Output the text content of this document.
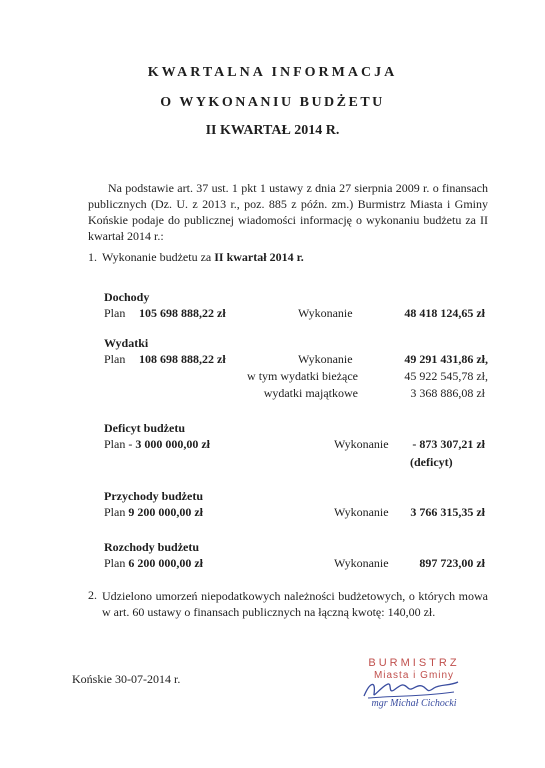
KWARTALNA INFORMACJA
O WYKONANIU BUDŻETU
II KWARTAŁ 2014 R.
Na podstawie art. 37 ust. 1 pkt 1 ustawy z dnia 27 sierpnia 2009 r. o finansach publicznych (Dz. U. z 2013 r., poz. 885 z późn. zm.) Burmistrz Miasta i Gminy Końskie podaje do publicznej wiadomości informację o wykonaniu budżetu za II kwartał 2014 r.:
1. Wykonanie budżetu za II kwartał 2014 r.
Dochody
Plan 105 698 888,22 zł	Wykonanie	48 418 124,65 zł
Wydatki
Plan 108 698 888,22 zł	Wykonanie	49 291 431,86 zł,
w tym wydatki bieżące	45 922 545,78 zł,
wydatki majątkowe	3 368 886,08 zł
Deficyt budżetu
Plan - 3 000 000,00 zł	Wykonanie	- 873 307,21 zł
(deficyt)
Przychody budżetu
Plan 9 200 000,00 zł	Wykonanie	3 766 315,35 zł
Rozchody budżetu
Plan 6 200 000,00 zł	Wykonanie	897 723,00 zł
2. Udzielono umorzeń niepodatkowych należności budżetowych, o których mowa w art. 60 ustawy o finansach publicznych na łączną kwotę: 140,00 zł.
Końskie 30-07-2014 r.
BURMISTRZ
Miasta i Gminy
mgr Michał Cichocki
